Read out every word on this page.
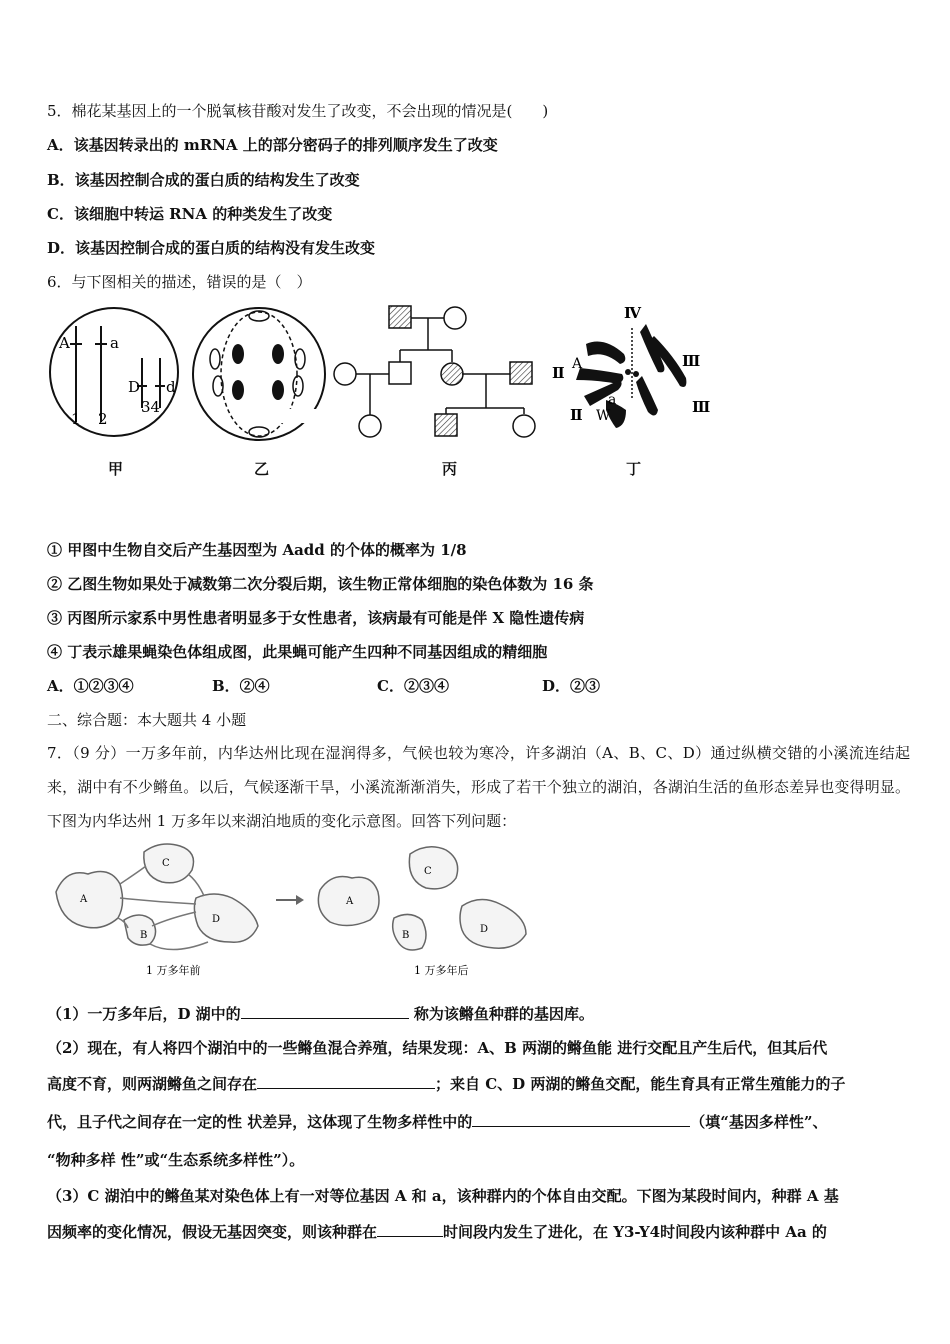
5．棉花某基因上的一个脱氧核苷酸对发生了改变，不会出现的情况是(　　)
A．该基因转录出的 mRNA 上的部分密码子的排列顺序发生了改变
B．该基因控制合成的蛋白质的结构发生了改变
C．该细胞中转运 RNA 的种类发生了改变
D．该基因控制合成的蛋白质的结构没有发生改变
6．与下图相关的描述，错误的是（　）
A	a
D d
1 2
34
Ⅳ
Ⅱ A	Ⅲ
Ⅲ
Ⅱ
a
W
甲	乙	丙	丁
① 甲图中生物自交后产生基因型为 Aadd 的个体的概率为 1/8
② 乙图生物如果处于减数第二次分裂后期，该生物正常体细胞的染色体数为 16 条
③ 丙图所示家系中男性患者明显多于女性患者，该病最有可能是伴 X 隐性遗传病
④ 丁表示雄果蝇染色体组成图，此果蝇可能产生四种不同基因组成的精细胞
A．①②③④	B．②④	C．②③④	D．②③
二、综合题：本大题共 4 小题
7．（9 分）一万多年前，内华达州比现在湿润得多，气候也较为寒冷，许多湖泊（A、B、C、D）通过纵横交错的小溪流连结起来，湖中有不少鳉鱼。以后，气候逐渐干旱，小溪流渐渐消失，形成了若干个独立的湖泊，各湖泊生活的鱼形态差异也变得明显。下图为内华达州 1 万多年以来湖泊地质的变化示意图。回答下列问题：
A
B
C
D
1 万多年前
A
B
C
D
1 万多年后
（1）一万多年后，D 湖中的	称为该鳉鱼种群的基因库。
（2）现在，有人将四个湖泊中的一些鳉鱼混合养殖，结果发现：A、B 两湖的鳉鱼能 进行交配且产生后代，但其后代
高度不育，则两湖鳉鱼之间存在	；来自 C、D 两湖的鳉鱼交配，能生育具有正常生殖能力的子
代，且子代之间存在一定的性 状差异，这体现了生物多样性中的	（填“基因多样性”、
“物种多样 性”或“生态系统多样性”）。
（3）C 湖泊中的鳉鱼某对染色体上有一对等位基因 A 和 a，该种群内的个体自由交配。下图为某段时间内，种群 A 基
因频率的变化情况，假设无基因突变，则该种群在	时间段内发生了进化，在 Y3-Y4时间段内该种群中 Aa 的
